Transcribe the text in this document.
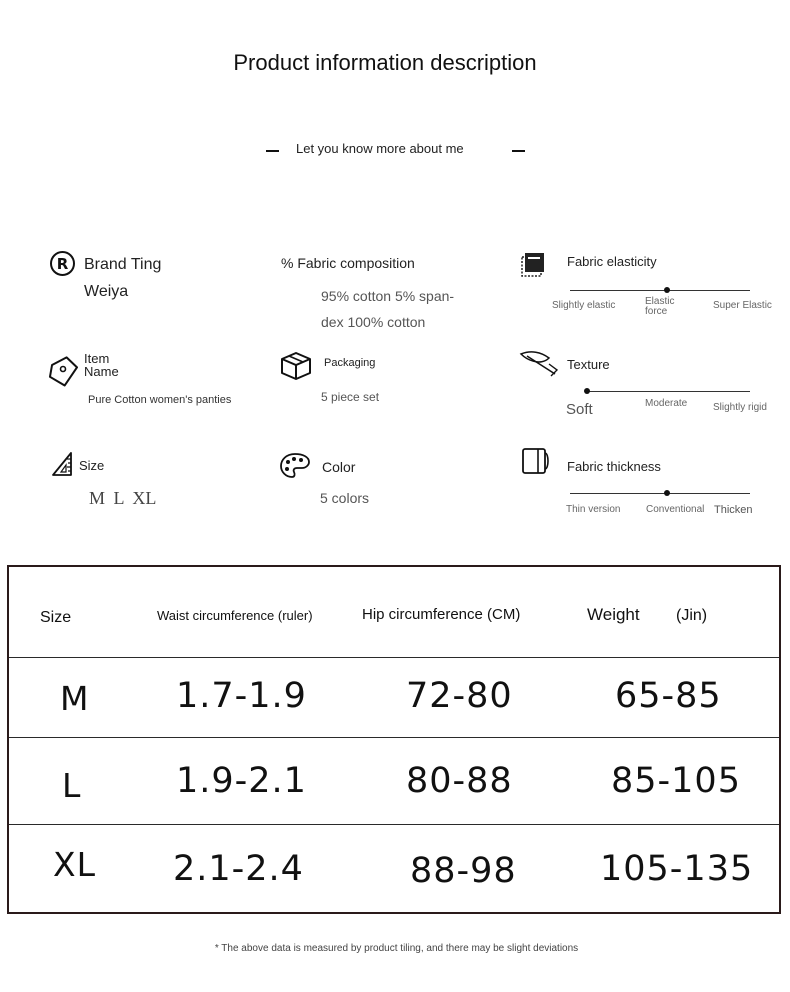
Product information description
Let you know more about me
R Brand Ting
Weiya
% Fabric composition
95% cotton 5% span-
dex 100% cotton
Fabric elasticity
Slightly elastic	Elastic force
Super Elastic
Item
Name
Pure Cotton women's panties
Packaging
5 piece set
Texture
Soft	Moderate	Slightly rigid
Size
M L XL
Color
5 colors
Fabric thickness
Thin version	Conventional Thicken
Size	Waist circumference (ruler)	Hip circumference (CM)	Weight (Jin)
M 1.7-1.9	72-80	65-85
L	1.9-2.1	80-88	85-105
XL 2.1-2.4	88-98 105-135
* The above data is measured by product tiling, and there may be slight deviations
